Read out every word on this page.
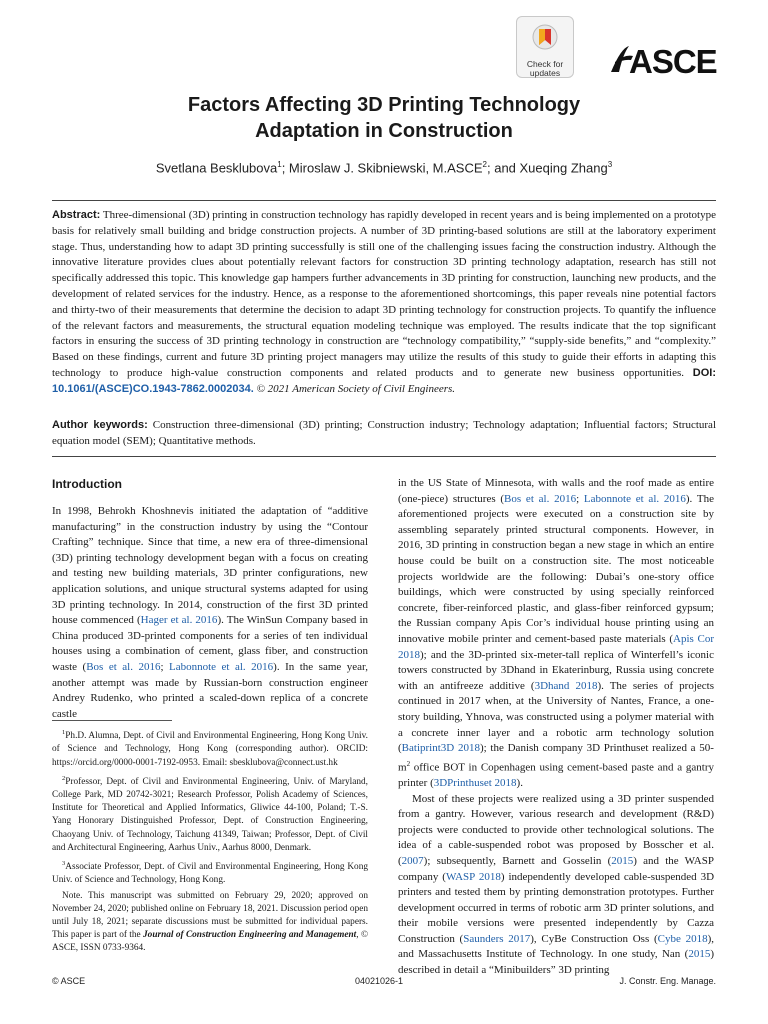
Check for
updates	ASCE
Factors Affecting 3D Printing Technology
Adaptation in Construction
Svetlana Besklubova$^1$; Miroslaw J. Skibniewski, M.ASCE$^2$; and Xueqing Zhang$^3$
Abstract: Three-dimensional (3D) printing in construction technology has rapidly developed in recent years and is being implemented on a prototype basis for relatively small building and bridge construction projects. A number of 3D printing-based solutions are still at the laboratory experiment stage. Thus, understanding how to adapt 3D printing successfully is still one of the challenging issues facing the construction industry. Although the innovative literature provides clues about potentially relevant factors for construction 3D printing technology adaptation, research has still not specifically addressed this topic. This knowledge gap hampers further advancements in 3D printing for construction, launching new products, and the development of related services for the industry. Hence, as a response to the aforementioned shortcomings, this paper reveals nine potential factors and thirty-two of their measurements that determine the decision to adapt 3D printing technology for construction projects. To quantify the influence of the relevant factors and measurements, the structural equation modeling technique was employed. The results indicate that the top significant factors in ensuring the success of 3D printing technology in construction are “technology compatibility,” “supply-side benefits,” and “complexity.” Based on these findings, current and future 3D printing project managers may utilize the results of this study to guide their efforts in adapting this technology to produce high-value construction components and related products and to generate new business opportunities. DOI: 10.1061/(ASCE)CO.1943-7862.0002034. © 2021 American Society of Civil Engineers.
Author keywords: Construction three-dimensional (3D) printing; Construction industry; Technology adaptation; Influential factors; Structural equation model (SEM); Quantitative methods.
Introduction

In 1998, Behrokh Khoshnevis initiated the adaptation of “additive manufacturing” in the construction industry by using the “Contour Crafting” technique. Since that time, a new era of three-dimensional (3D) printing technology development began with a focus on creating and testing new building materials, 3D printer configurations, new application solutions, and unique structural systems adapted for using 3D printing technology. In 2014, construction of the first 3D printed house commenced (Hager et al. 2016). The WinSun Company based in China produced 3D-printed components for a series of ten individual houses using a combination of cement, glass fiber, and construction waste (Bos et al. 2016; Labonnote et al. 2016). In the same year, another attempt was made by Russian-born construction engineer Andrey Rudenko, who printed a scaled-down replica of a concrete castle

$^1$Ph.D. Alumna, Dept. of Civil and Environmental Engineering, Hong Kong Univ. of Science and Technology, Hong Kong (corresponding author). ORCID: https://orcid.org/0000-0001-7192-0953. Email: sbesklubova@connect.ust.hk

$^2$Professor, Dept. of Civil and Environmental Engineering, Univ. of Maryland, College Park, MD 20742-3021; Research Professor, Polish Academy of Sciences, Institute for Theoretical and Applied Informatics, Gliwice 44-100, Poland; T.-S. Yang Honorary Distinguished Professor, Dept. of Construction Engineering, Chaoyang Univ. of Technology, Taichung 41349, Taiwan; Professor, Dept. of Civil and Architectural Engineering, Aarhus Univ., Aarhus 8000, Denmark.

$^3$Associate Professor, Dept. of Civil and Environmental Engineering, Hong Kong Univ. of Science and Technology, Hong Kong.

Note. This manuscript was submitted on February 29, 2020; approved on November 24, 2020; published online on February 18, 2021. Discussion period open until July 18, 2021; separate discussions must be submitted for individual papers. This paper is part of the Journal of Construction Engineering and Management, © ASCE, ISSN 0733-9364.

in the US State of Minnesota, with walls and the roof made as entire (one-piece) structures (Bos et al. 2016; Labonnote et al. 2016). The aforementioned projects were executed on a construction site by assembling separately printed structural components. However, in 2016, 3D printing in construction began a new stage in which an entire house could be built on a construction site. The most noticeable projects worldwide are the following: Dubai’s one-story office buildings, which were constructed by using specially reinforced concrete, fiber-reinforced plastic, and glass-fiber reinforced gypsum; the Russian company Apis Cor’s individual house printing using an innovative mobile printer and cement-based paste materials (Apis Cor 2018); and the 3D-printed six-meter-tall replica of Winterfell’s iconic towers constructed by 3Dhand in Ekaterinburg, Russia using concrete with an antifreeze additive (3Dhand 2018). The series of projects continued in 2017 when, at the University of Nantes, France, a one-story building, Yhnova, was constructed using a polymer material with a concrete inner layer and a robotic arm technology solution (Batiprint3D 2018); the Danish company 3D Printhuset realized a $50-m^2$ office BOT in Copenhagen using cement-based paste and a gantry printer (3DPrinthuset 2018).

Most of these projects were realized using a 3D printer suspended from a gantry. However, various research and development (R&D) projects were conducted to provide other technological solutions. The idea of a cable-suspended robot was proposed by Bosscher et al. (2007); subsequently, Barnett and Gosselin (2015) and the WASP company (WASP 2018) independently developed cable-suspended 3D printers and tested them by printing demonstration prototypes. Further development occurred in terms of robotic arm 3D printer solutions, and their mobile versions were presented independently by Cazza Construction (Saunders 2017), CyBe Construction Oss (Cybe 2018), and Massachusetts Institute of Technology. In one study, Nan (2015) described in detail a “Minibuilders” 3D printing

© ASCE	04021026-1	J. Constr. Eng. Manage.
